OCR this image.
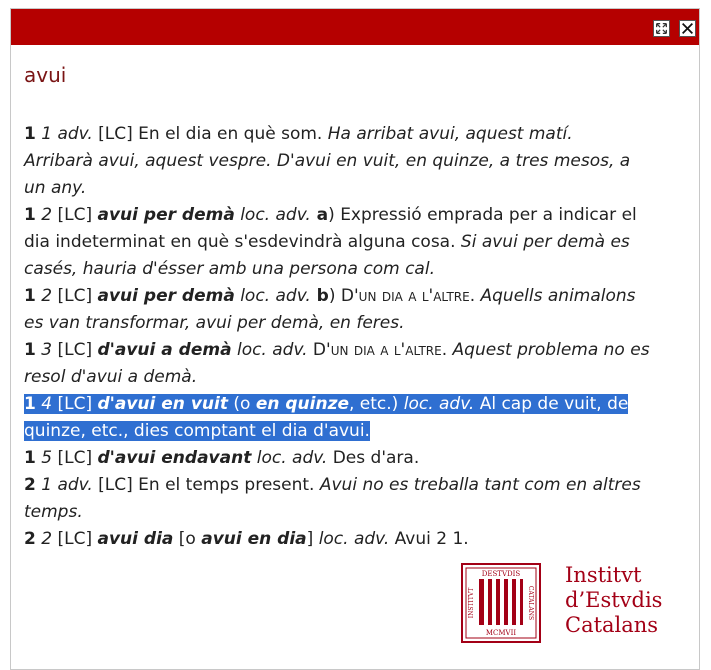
avui
1 1 adv. [LC] En el dia en què som. Ha arribat avui, aquest matí.
Arribarà avui, aquest vespre. D'avui en vuit, en quinze, a tres mesos, a
un any.
1 2 [LC] avui per demà loc. adv. a) Expressió emprada per a indicar el
dia indeterminat en què s'esdevindrà alguna cosa. Si avui per demà es
casés, hauria d'ésser amb una persona com cal.
1 2 [LC] avui per demà loc. adv. b) D'un dia a l'altre. Aquells animalons
es van transformar, avui per demà, en feres.
1 3 [LC] d'avui a demà loc. adv. D'un dia a l'altre. Aquest problema no es
resol d'avui a demà.
1 4 [LC] d'avui en vuit (o en quinze, etc.) loc. adv. Al cap de vuit, de
quinze, etc., dies comptant el dia d'avui.
1 5 [LC] d'avui endavant loc. adv. Des d'ara.
2 1 adv. [LC] En el temps present. Avui no es treballa tant com en altres
temps.
2 2 [LC] avui dia [o avui en dia] loc. adv. Avui 2 1.
DESTVDIS
MCMVII
INSTITVT	CATALANS
Institvt
d’Estvdis
Catalans
